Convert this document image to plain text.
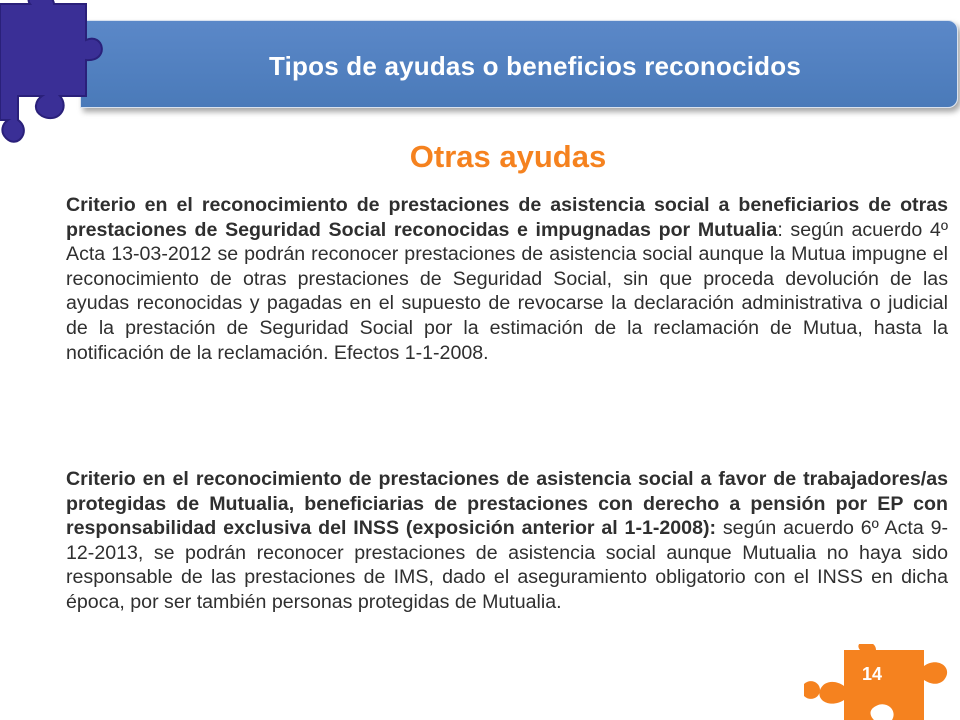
Tipos de ayudas o beneficios reconocidos
Otras ayudas
Criterio en el reconocimiento de prestaciones de asistencia social a beneficiarios de otras prestaciones de Seguridad Social reconocidas e impugnadas por Mutualia: según acuerdo 4º Acta 13-03-2012 se podrán reconocer prestaciones de asistencia social aunque la Mutua impugne el reconocimiento de otras prestaciones de Seguridad Social, sin que proceda devolución de las ayudas reconocidas y pagadas en el supuesto de revocarse la declaración administrativa o judicial de la prestación de Seguridad Social por la estimación de la reclamación de Mutua, hasta la notificación de la reclamación. Efectos 1-1-2008.
Criterio en el reconocimiento de prestaciones de asistencia social a favor de trabajadores/as protegidas de Mutualia, beneficiarias de prestaciones con derecho a pensión por EP con responsabilidad exclusiva del INSS (exposición anterior al 1-1-2008): según acuerdo 6º Acta 9-12-2013, se podrán reconocer prestaciones de asistencia social aunque Mutualia no haya sido responsable de las prestaciones de IMS, dado el aseguramiento obligatorio con el INSS en dicha época, por ser también personas protegidas de Mutualia.
14
